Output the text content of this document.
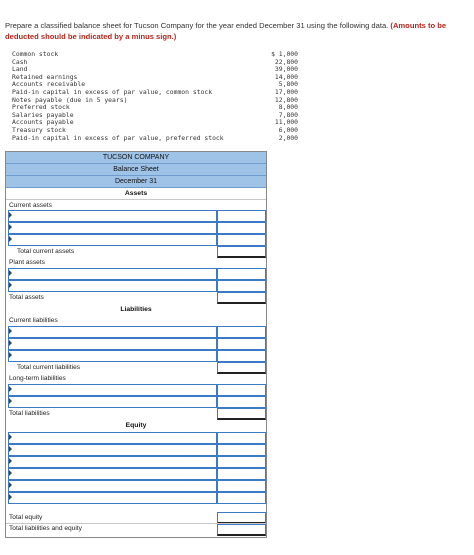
Prepare a classified balance sheet for Tucson Company for the year ended December 31 using the following data. (Amounts to be deducted should be indicated by a minus sign.)
Common stock
Cash
Land
Retained earnings
Accounts receivable
Paid-in capital in excess of par value, common stock
Notes payable (due in 5 years)
Preferred stock
Salaries payable
Accounts payable
Treasury stock
Paid-in capital in excess of par value, preferred stock
$ 1,000
22,800
39,000
14,000
5,800
17,000
12,800
8,000
7,800
11,000
6,000
2,000
TUCSON COMPANY
Balance Sheet
December 31
Assets
Current assets
Total current assets
Plant assets
Total assets
Liabilities
Current liabilities
Total current liabilities
Long-term liabilities
Total liabilities
Equity
Total equity
Total liabilities and equity
